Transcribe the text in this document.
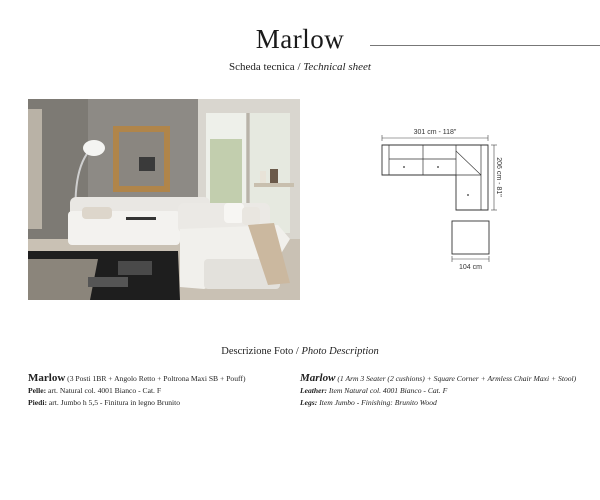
Marlow
Scheda tecnica / Technical sheet
301 cm - 118"
206 cm - 81"
104 cm
Descrizione Foto / Photo Description
Marlow (3 Posti 1BR + Angolo Retto + Poltrona Maxi SB + Pouff)
Pelle: art. Natural col. 4001 Bianco - Cat. F
Piedi: art. Jumbo h 5,5 - Finitura in legno Brunito
Marlow (1 Arm 3 Seater (2 cushions) + Square Corner + Armless Chair Maxi + Stool)
Leather: Item Natural col. 4001 Bianco - Cat. F
Legs: Item Jumbo - Finishing: Brunito Wood
